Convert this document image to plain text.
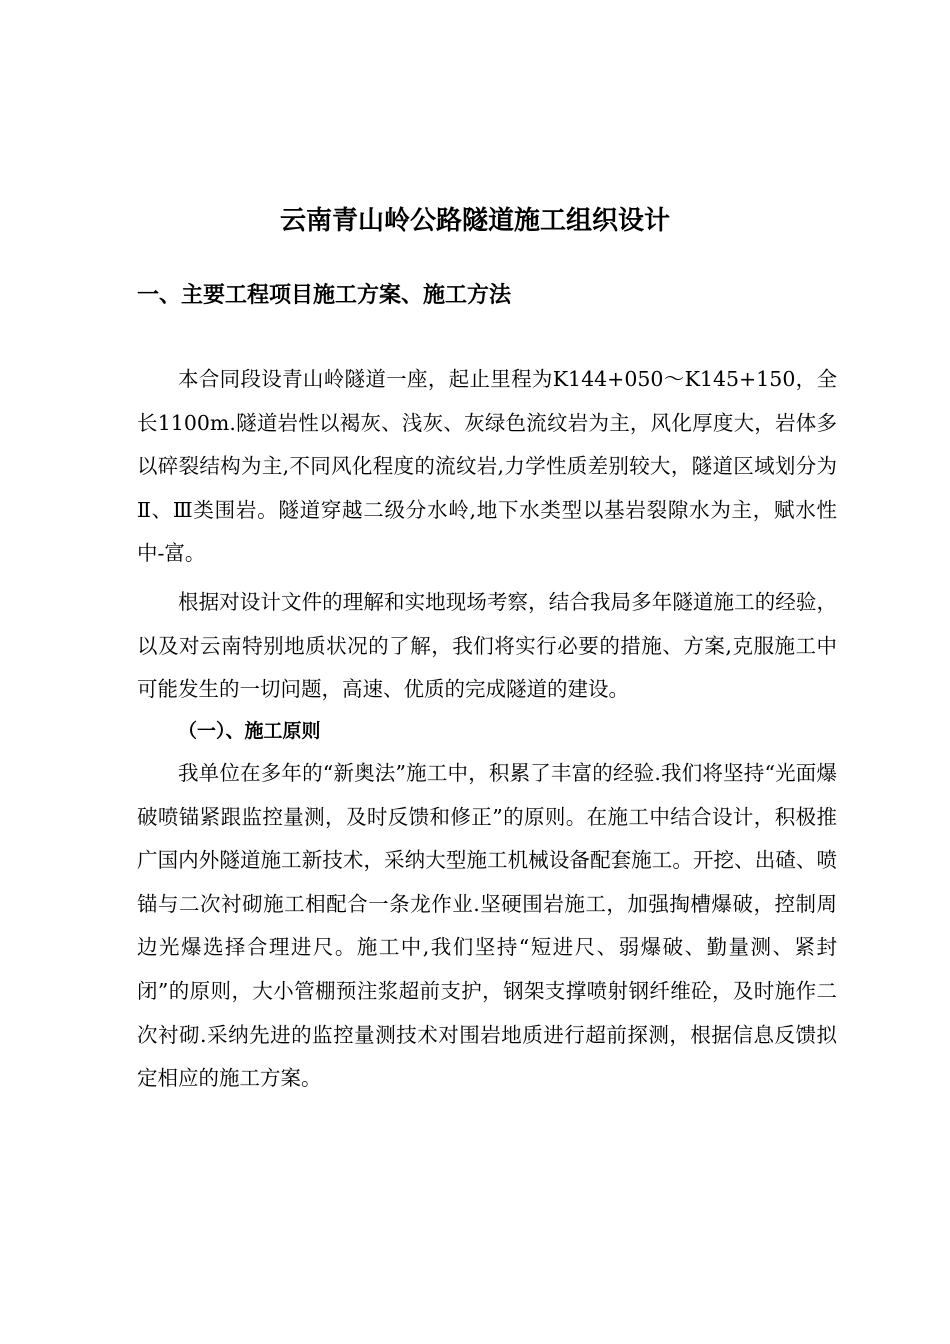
云南青山岭公路隧道施工组织设计
一、主要工程项目施工方案、施工方法

本合同段设青山岭隧道一座，起止里程为K144+050～K145+150，全长1100m.隧道岩性以褐灰、浅灰、灰绿色流纹岩为主，风化厚度大，岩体多以碎裂结构为主,不同风化程度的流纹岩,力学性质差别较大，隧道区域划分为Ⅱ、Ⅲ类围岩。隧道穿越二级分水岭,地下水类型以基岩裂隙水为主，赋水性中-富。

根据对设计文件的理解和实地现场考察，结合我局多年隧道施工的经验，以及对云南特别地质状况的了解，我们将实行必要的措施、方案,克服施工中可能发生的一切问题，高速、优质的完成隧道的建设。

（一）、施工原则

我单位在多年的“新奥法”施工中，积累了丰富的经验.我们将坚持“光面爆破喷锚紧跟监控量测，及时反馈和修正”的原则。在施工中结合设计，积极推广国内外隧道施工新技术，采纳大型施工机械设备配套施工。开挖、出碴、喷锚与二次衬砌施工相配合一条龙作业.坚硬围岩施工，加强掏槽爆破，控制周边光爆选择合理进尺。施工中,我们坚持“短进尺、弱爆破、勤量测、紧封闭”的原则，大小管棚预注浆超前支护，钢架支撑喷射钢纤维砼，及时施作二次衬砌.采纳先进的监控量测技术对围岩地质进行超前探测，根据信息反馈拟定相应的施工方案。
